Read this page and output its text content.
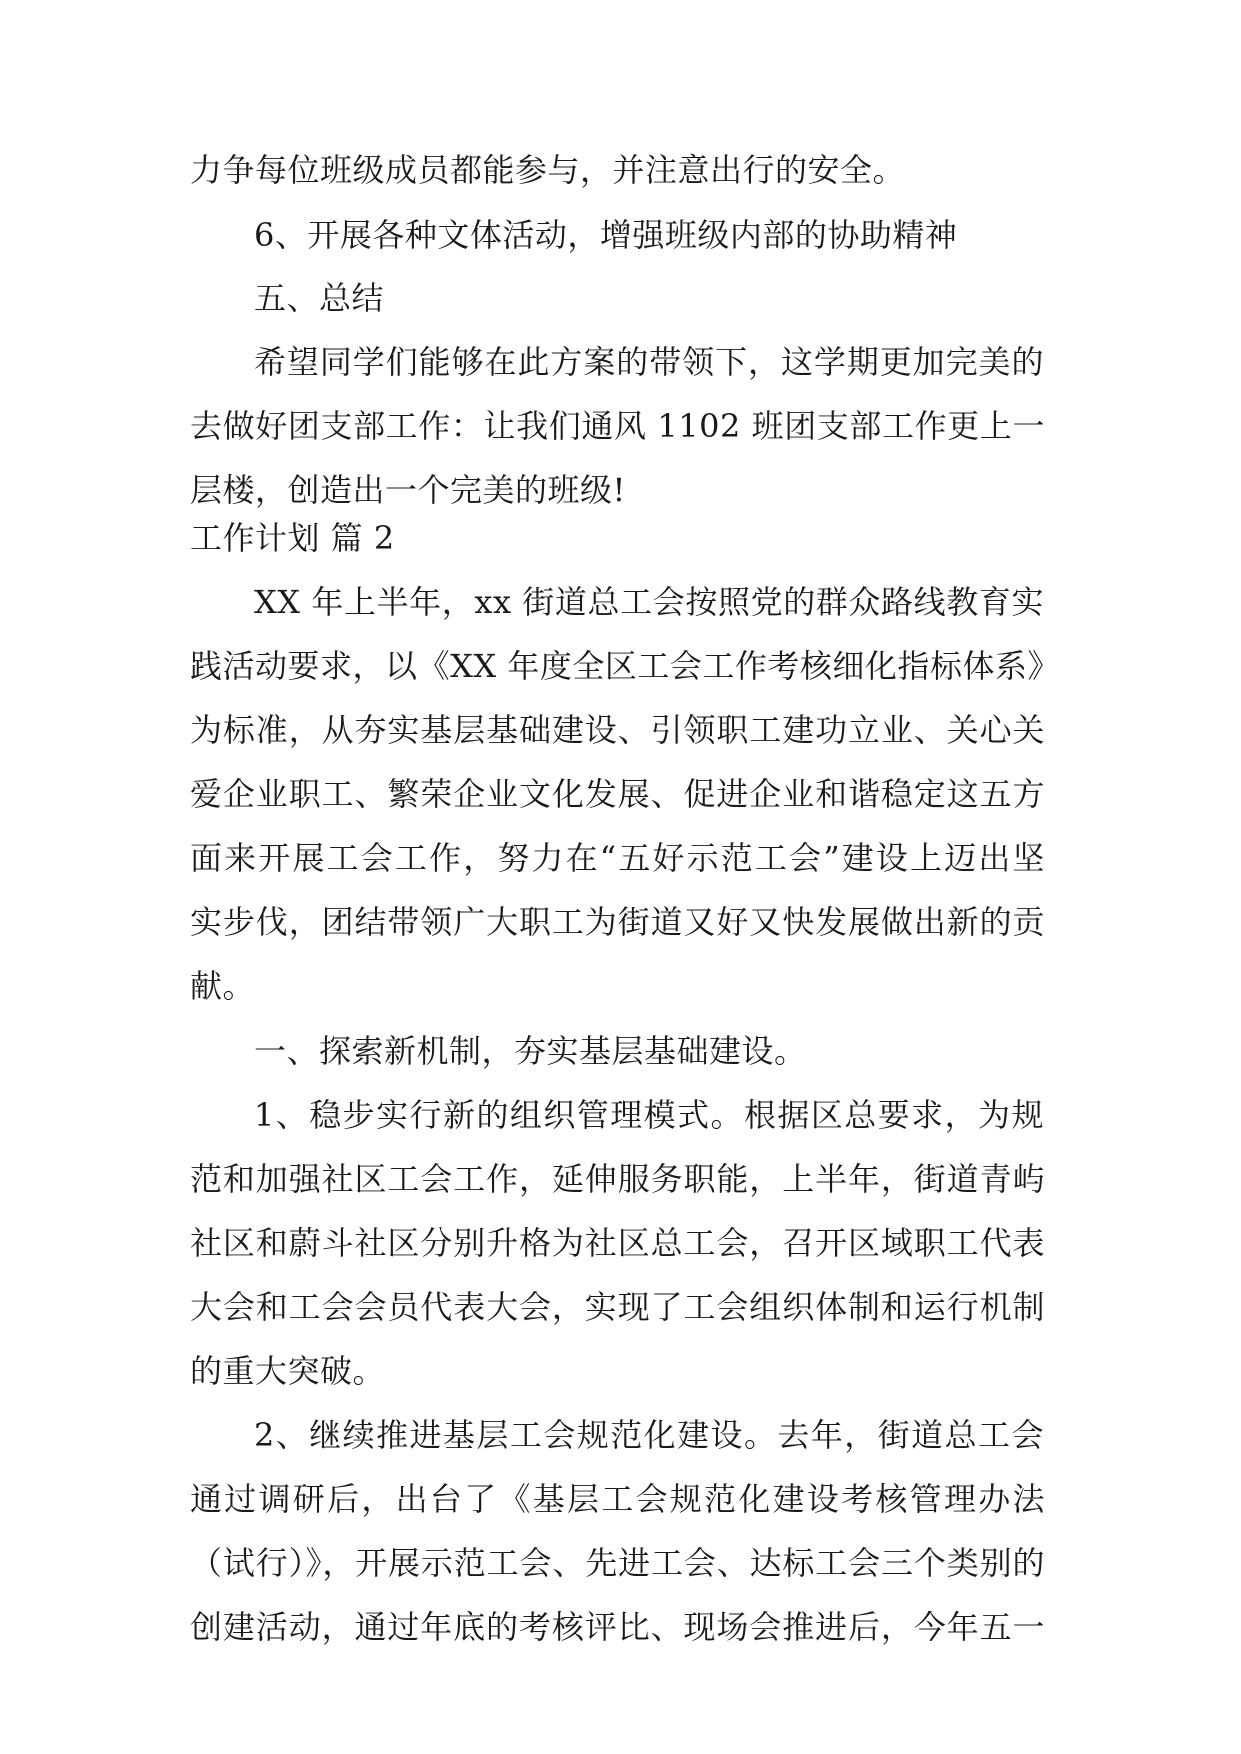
力争每位班级成员都能参与，并注意出行的安全。
6、开展各种文体活动，增强班级内部的协助精神
五、总结
希望同学们能够在此方案的带领下，这学期更加完美的
去做好团支部工作：让我们通风 1102 班团支部工作更上一
层楼，创造出一个完美的班级!
工作计划 篇 2
XX 年上半年，xx 街道总工会按照党的群众路线教育实
践活动要求，以《XX 年度全区工会工作考核细化指标体系》
为标准，从夯实基层基础建设、引领职工建功立业、关心关
爱企业职工、繁荣企业文化发展、促进企业和谐稳定这五方
面来开展工会工作，努力在“五好示范工会”建设上迈出坚
实步伐，团结带领广大职工为街道又好又快发展做出新的贡
献。
一、探索新机制，夯实基层基础建设。
1、稳步实行新的组织管理模式。根据区总要求，为规
范和加强社区工会工作，延伸服务职能，上半年，街道青屿
社区和蔚斗社区分别升格为社区总工会，召开区域职工代表
大会和工会会员代表大会，实现了工会组织体制和运行机制
的重大突破。
2、继续推进基层工会规范化建设。去年，街道总工会
通过调研后，出台了《基层工会规范化建设考核管理办法
（试行）》，开展示范工会、先进工会、达标工会三个类别的
创建活动，通过年底的考核评比、现场会推进后，今年五一
